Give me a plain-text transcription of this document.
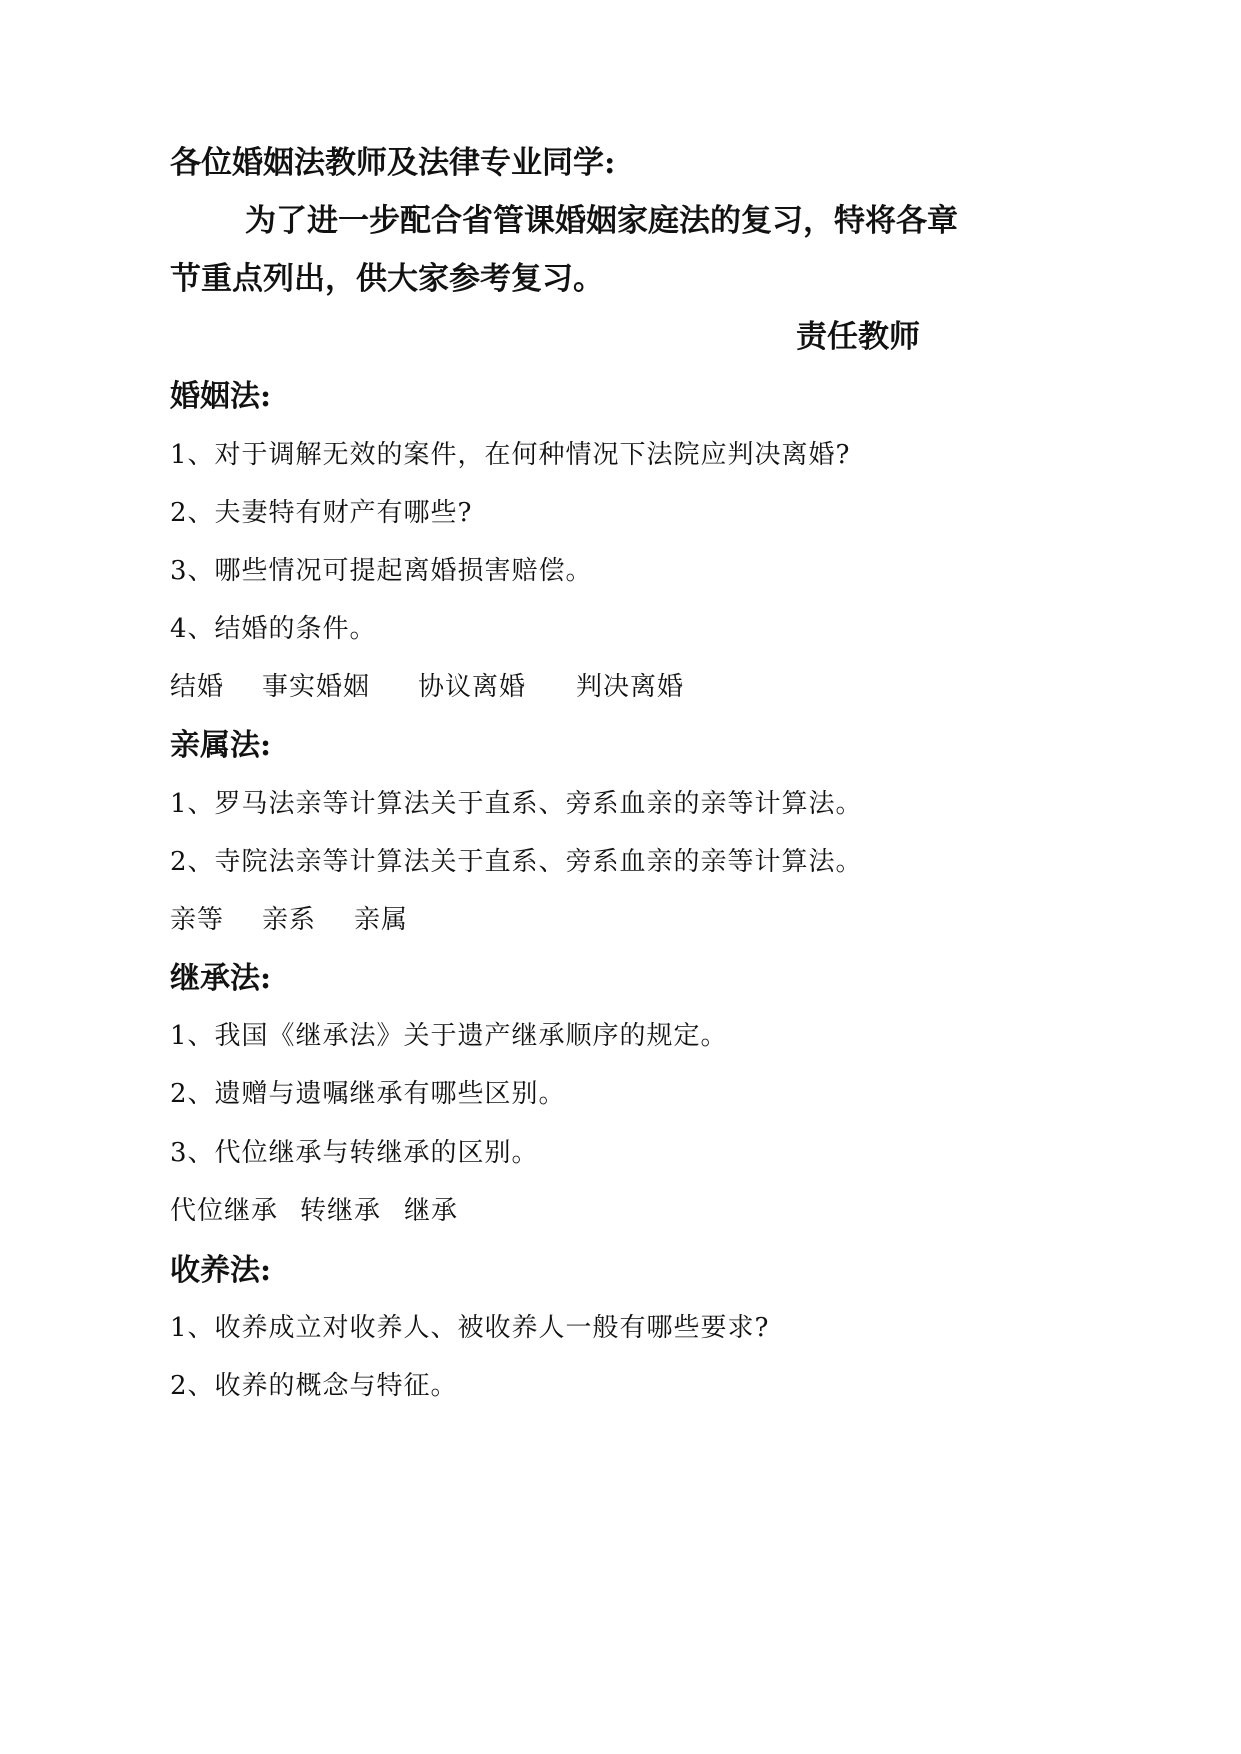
各位婚姻法教师及法律专业同学:
为了进一步配合省管课婚姻家庭法的复习，特将各章
节重点列出，供大家参考复习。
责任教师
婚姻法:
1、对于调解无效的案件，在何种情况下法院应判决离婚?
2、夫妻特有财产有哪些?
3、哪些情况可提起离婚损害赔偿。
4、结婚的条件。
结婚 事实婚姻 协议离婚 判决离婚
亲属法:
1、罗马法亲等计算法关于直系、旁系血亲的亲等计算法。
2、寺院法亲等计算法关于直系、旁系血亲的亲等计算法。
亲等 亲系 亲属
继承法:
1、我国《继承法》关于遗产继承顺序的规定。
2、遗赠与遗嘱继承有哪些区别。
3、代位继承与转继承的区别。
代位继承 转继承 继承
收养法:
1、收养成立对收养人、被收养人一般有哪些要求?
2、收养的概念与特征。
